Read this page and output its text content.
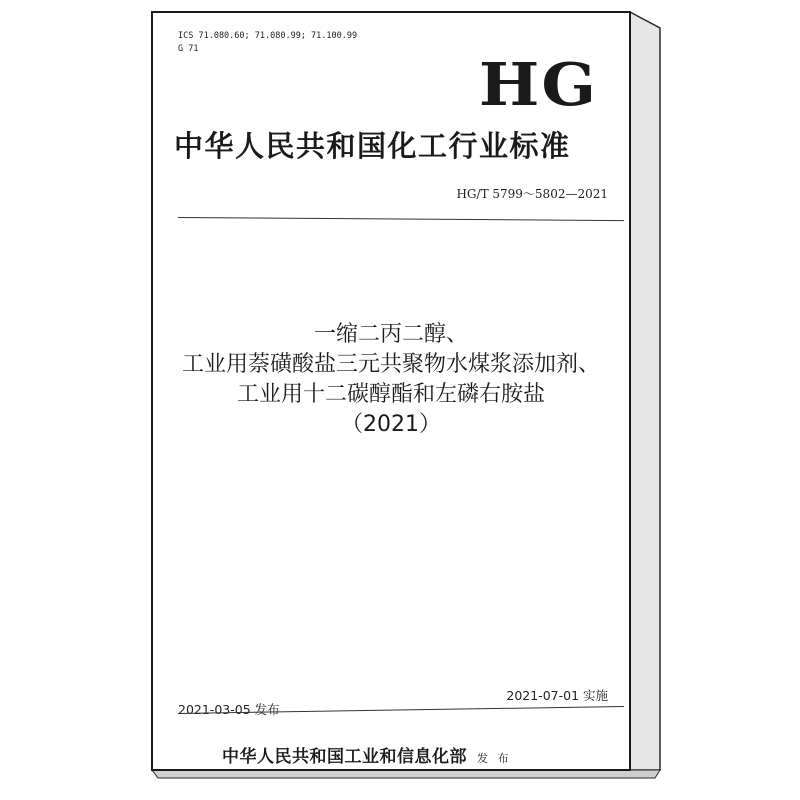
ICS 71.080.60; 71.080.99; 71.100.99
G 71
HG
中华人民共和国化工行业标准
HG/T 5799～5802—2021
一缩二丙二醇、
工业用萘磺酸盐三元共聚物水煤浆添加剂、
工业用十二碳醇酯和左磷右胺盐
（2021）
2021-07-01 实施
2021-03-05 发布
中华人民共和国工业和信息化部 发 布
